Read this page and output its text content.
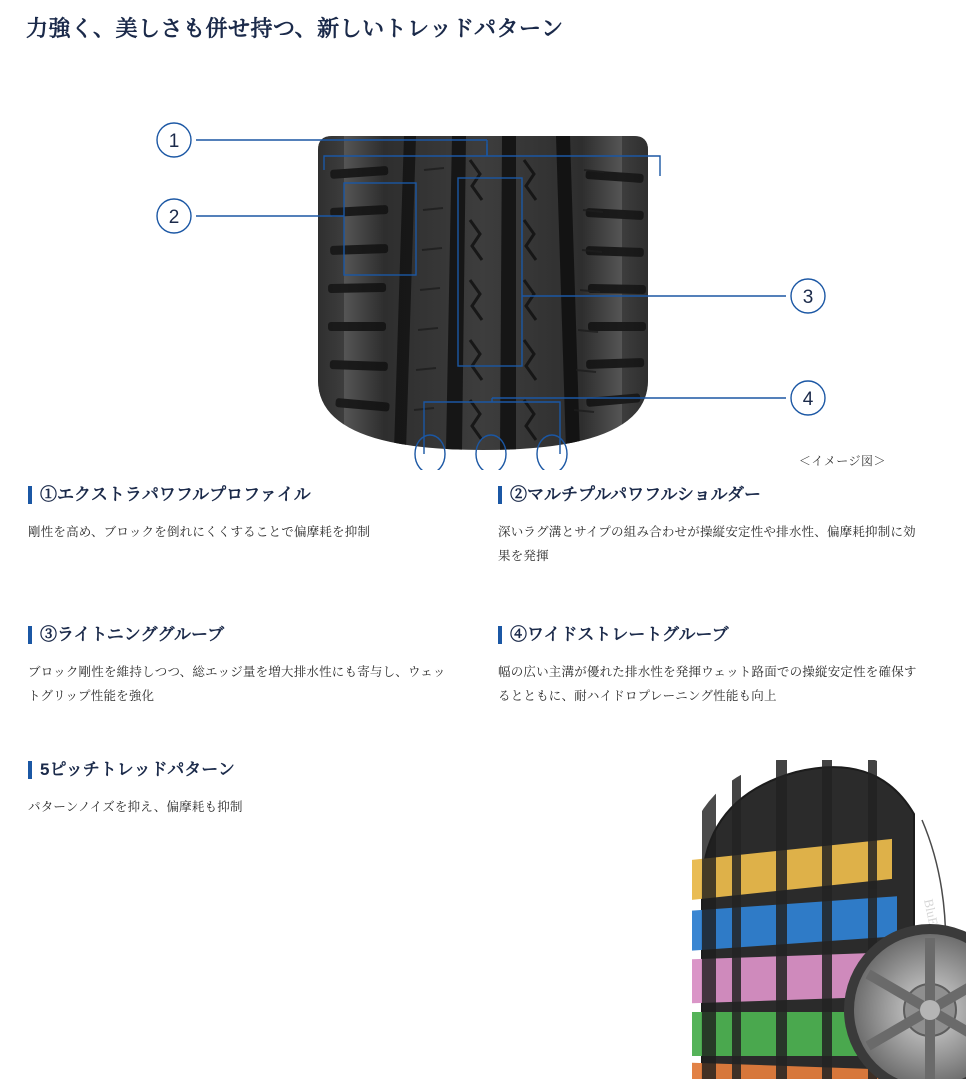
力強く、美しさも併せ持つ、新しいトレッドパターン
1
2
3
4
＜イメージ図＞
①エクストラパワフルプロファイル

剛性を高め、ブロックを倒れにくくすることで偏摩耗を抑制

②マルチプルパワフルショルダー

深いラグ溝とサイプの組み合わせが操縦安定性や排水性、偏摩耗抑制に効果を発揮

③ライトニンググルーブ

ブロック剛性を維持しつつ、総エッジ量を増大排水性にも寄与し、ウェットグリップ性能を強化

④ワイドストレートグルーブ

幅の広い主溝が優れた排水性を発揮ウェット路面での操縦安定性を確保するとともに、耐ハイドロプレーニング性能も向上

5ピッチトレッドパターン

パターンノイズを抑え、偏摩耗も抑制
